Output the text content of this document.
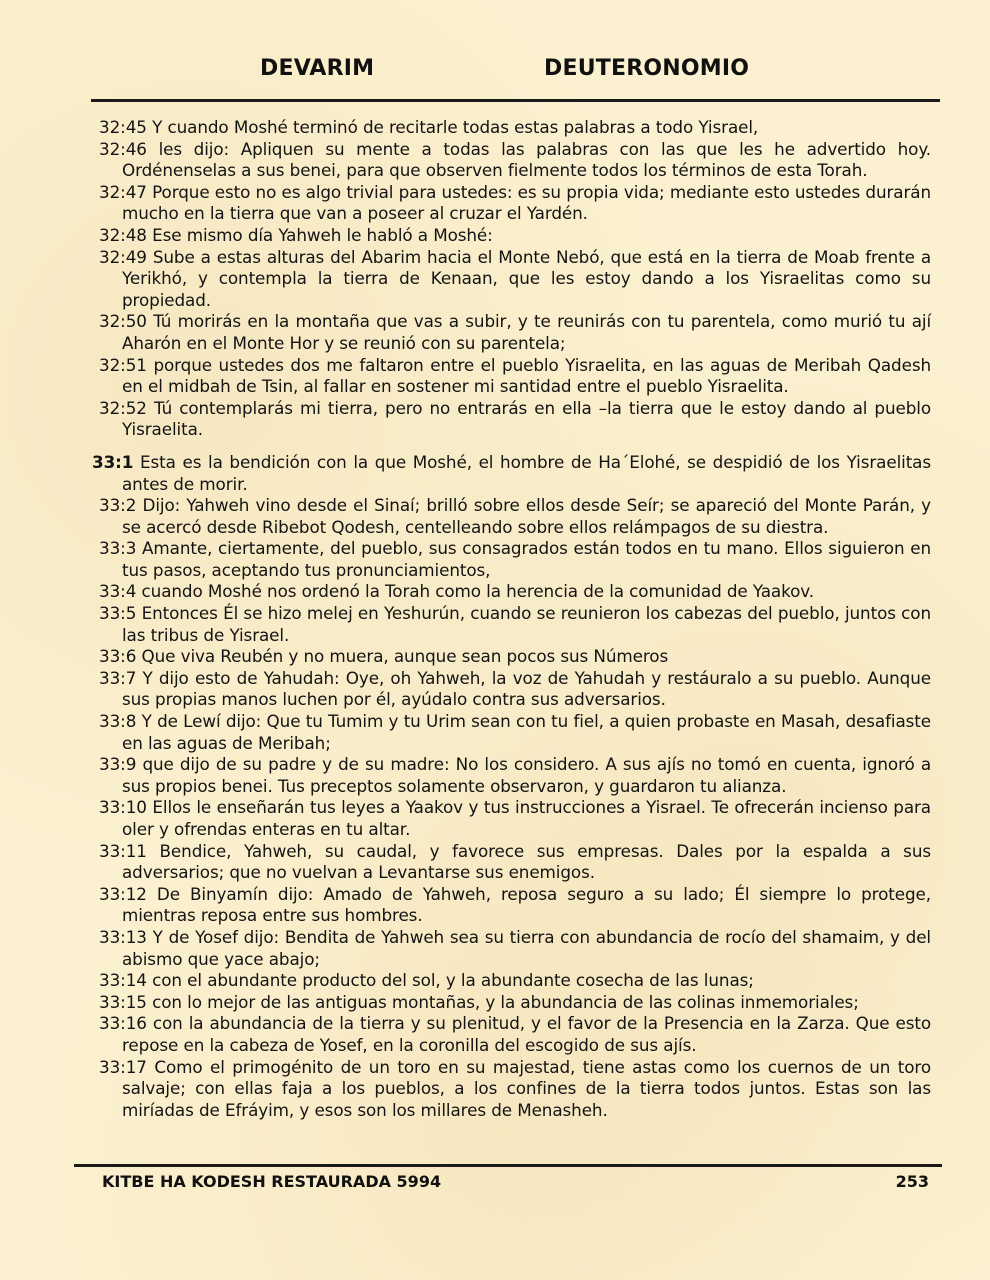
DEVARIM	DEUTERONOMIO

32:45 Y cuando Moshé terminó de recitarle todas estas palabras a todo Yisrael,

32:46 les dijo: Apliquen su mente a todas las palabras con las que les he advertido hoy. Ordénenselas a sus benei, para que observen fielmente todos los términos de esta Torah.

32:47 Porque esto no es algo trivial para ustedes: es su propia vida; mediante esto ustedes durarán mucho en la tierra que van a poseer al cruzar el Yardén.

32:48 Ese mismo día Yahweh le habló a Moshé:

32:49 Sube a estas alturas del Abarim hacia el Monte Nebó, que está en la tierra de Moab frente a Yerikhó, y contempla la tierra de Kenaan, que les estoy dando a los Yisraelitas como su propiedad.

32:50 Tú morirás en la montaña que vas a subir, y te reunirás con tu parentela, como murió tu ají Aharón en el Monte Hor y se reunió con su parentela;

32:51 porque ustedes dos me faltaron entre el pueblo Yisraelita, en las aguas de Meribah Qadesh en el midbah de Tsin, al fallar en sostener mi santidad entre el pueblo Yisraelita.

32:52 Tú contemplarás mi tierra, pero no entrarás en ella –la tierra que le estoy dando al pueblo Yisraelita.

33:1 Esta es la bendición con la que Moshé, el hombre de Ha´Elohé, se despidió de los Yisraelitas antes de morir.

33:2 Dijo: Yahweh vino desde el Sinaí; brilló sobre ellos desde Seír; se apareció del Monte Parán, y se acercó desde Ribebot Qodesh, centelleando sobre ellos relámpagos de su diestra.

33:3 Amante, ciertamente, del pueblo, sus consagrados están todos en tu mano. Ellos siguieron en tus pasos, aceptando tus pronunciamientos,

33:4 cuando Moshé nos ordenó la Torah como la herencia de la comunidad de Yaakov.

33:5 Entonces Él se hizo melej en Yeshurún, cuando se reunieron los cabezas del pueblo, juntos con las tribus de Yisrael.

33:6 Que viva Reubén y no muera, aunque sean pocos sus Números

33:7 Y dijo esto de Yahudah: Oye, oh Yahweh, la voz de Yahudah y restáuralo a su pueblo. Aunque sus propias manos luchen por él, ayúdalo contra sus adversarios.

33:8 Y de Lewí dijo: Que tu Tumim y tu Urim sean con tu fiel, a quien probaste en Masah, desafiaste en las aguas de Meribah;

33:9 que dijo de su padre y de su madre: No los considero. A sus ajís no tomó en cuenta, ignoró a sus propios benei. Tus preceptos solamente observaron, y guardaron tu alianza.

33:10 Ellos le enseñarán tus leyes a Yaakov y tus instrucciones a Yisrael. Te ofrecerán incienso para oler y ofrendas enteras en tu altar.

33:11 Bendice, Yahweh, su caudal, y favorece sus empresas. Dales por la espalda a sus adversarios; que no vuelvan a Levantarse sus enemigos.

33:12 De Binyamín dijo: Amado de Yahweh, reposa seguro a su lado; Él siempre lo protege, mientras reposa entre sus hombres.

33:13 Y de Yosef dijo: Bendita de Yahweh sea su tierra con abundancia de rocío del shamaim, y del abismo que yace abajo;

33:14 con el abundante producto del sol, y la abundante cosecha de las lunas;

33:15 con lo mejor de las antiguas montañas, y la abundancia de las colinas inmemoriales;

33:16 con la abundancia de la tierra y su plenitud, y el favor de la Presencia en la Zarza. Que esto repose en la cabeza de Yosef, en la coronilla del escogido de sus ajís.

33:17 Como el primogénito de un toro en su majestad, tiene astas como los cuernos de un toro salvaje; con ellas faja a los pueblos, a los confines de la tierra todos juntos. Estas son las miríadas de Efráyim, y esos son los millares de Menasheh.

KITBE HA KODESH RESTAURADA 5994	253
